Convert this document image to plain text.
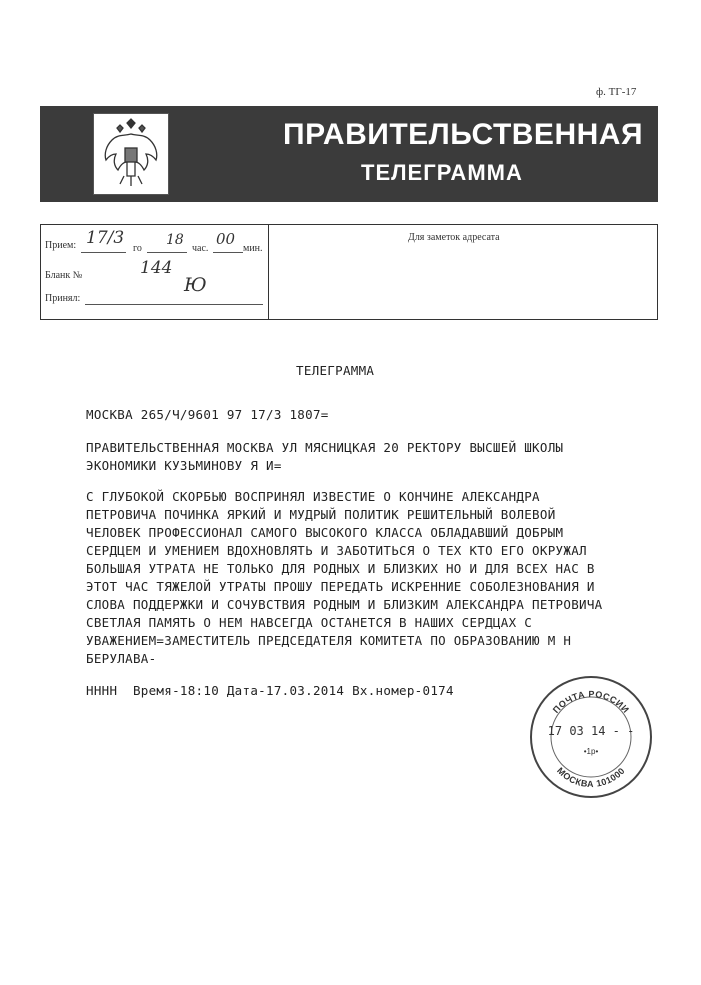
ф. ТГ-17
ПРАВИТЕЛЬСТВЕННАЯ
ТЕЛЕГРАММА
Прием: 17/3
го
18
час.
00
мин.
Бланк №	144
Ю
Принял:
Для заметок адресата
ТЕЛЕГРАММА
МОСКВА 265/Ч/9601 97 17/3 1807=
ПРАВИТЕЛЬСТВЕННАЯ МОСКВА УЛ МЯСНИЦКАЯ 20 РЕКТОРУ ВЫСШЕЙ ШКОЛЫ
ЭКОНОМИКИ КУЗЬМИНОВУ Я И=
С ГЛУБОКОЙ СКОРБЬЮ ВОСПРИНЯЛ ИЗВЕСТИЕ О КОНЧИНЕ АЛЕКСАНДРА
ПЕТРОВИЧА ПОЧИНКА ЯРКИЙ И МУДРЫЙ ПОЛИТИК РЕШИТЕЛЬНЫЙ ВОЛЕВОЙ
ЧЕЛОВЕК ПРОФЕССИОНАЛ САМОГО ВЫСОКОГО КЛАССА ОБЛАДАВШИЙ ДОБРЫМ
СЕРДЦЕМ И УМЕНИЕМ ВДОХНОВЛЯТЬ И ЗАБОТИТЬСЯ О ТЕХ КТО ЕГО ОКРУЖАЛ
БОЛЬШАЯ УТРАТА НЕ ТОЛЬКО ДЛЯ РОДНЫХ И БЛИЗКИХ НО И ДЛЯ ВСЕХ НАС В
ЭТОТ ЧАС ТЯЖЕЛОЙ УТРАТЫ ПРОШУ ПЕРЕДАТЬ ИСКРЕННИЕ СОБОЛЕЗНОВАНИЯ И
СЛОВА ПОДДЕРЖКИ И СОЧУВСТВИЯ РОДНЫМ И БЛИЗКИМ АЛЕКСАНДРА ПЕТРОВИЧА
СВЕТЛАЯ ПАМЯТЬ О НЕМ НАВСЕГДА ОСТАНЕТСЯ В НАШИХ СЕРДЦАХ С
УВАЖЕНИЕМ=ЗАМЕСТИТЕЛЬ ПРЕДСЕДАТЕЛЯ КОМИТЕТА ПО ОБРАЗОВАНИЮ М Н
БЕРУЛАВА-
НННН  Время-18:10 Дата-17.03.2014 Вх.номер-0174
ПОЧТА РОССИИ
МОСКВА 101000
17 03 14 - -
•1р•
